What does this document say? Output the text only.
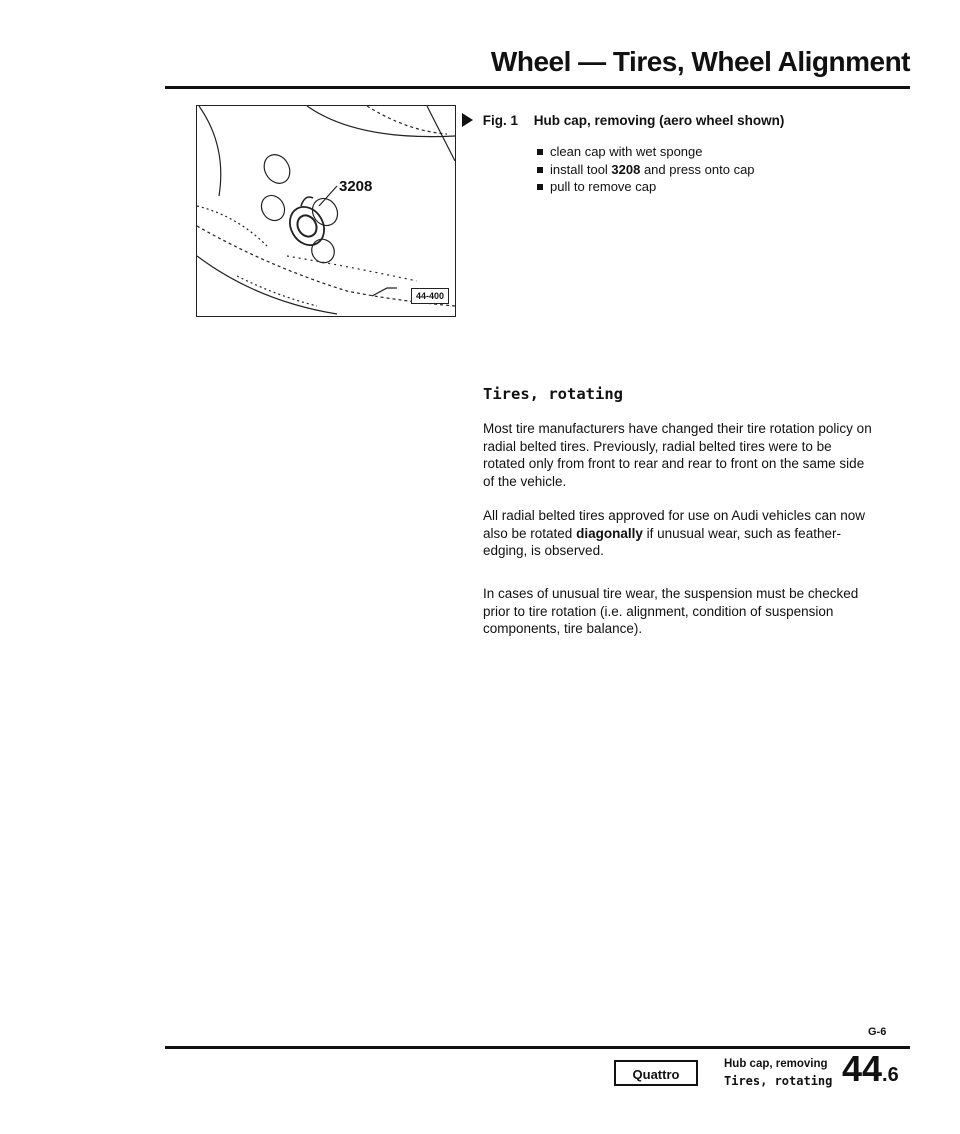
Wheel — Tires, Wheel Alignment
3208
44-400
Fig. 1 Hub cap, removing (aero wheel shown)
clean cap with wet sponge
install tool 3208 and press onto cap
pull to remove cap
Tires, rotating

Most tire manufacturers have changed their tire rotation policy on radial belted tires. Previously, radial belted tires were to be rotated only from front to rear and rear to front on the same side of the vehicle.

All radial belted tires approved for use on Audi vehicles can now also be rotated diagonally if unusual wear, such as feather-edging, is observed.

In cases of unusual tire wear, the suspension must be checked prior to tire rotation (i.e. alignment, condition of suspension components, tire balance).

G-6
Quattro
Hub cap, removing
Tires, rotating 44.6
